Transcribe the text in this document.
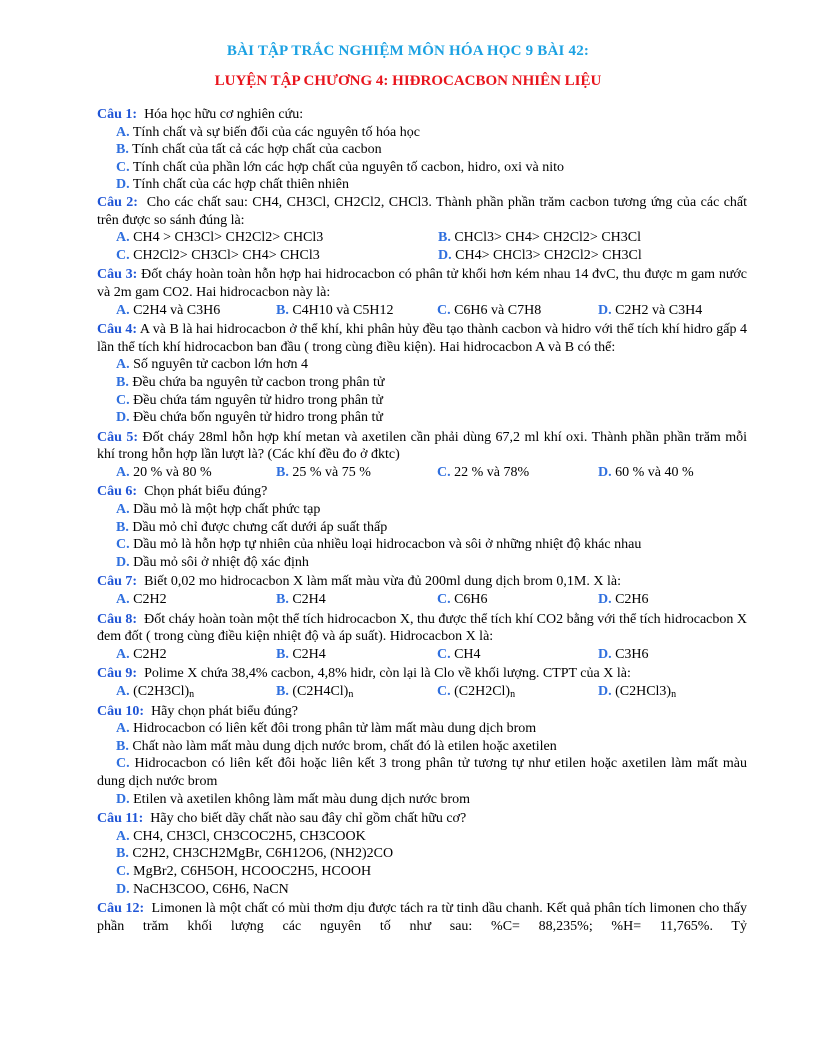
BÀI TẬP TRẮC NGHIỆM MÔN HÓA HỌC 9 BÀI 42:
LUYỆN TẬP CHƯƠNG 4: HIĐROCACBON NHIÊN LIỆU

Câu 1: Hóa học hữu cơ nghiên cứu:

A. Tính chất và sự biến đổi của các nguyên tố hóa học

B. Tính chất của tất cả các hợp chất của cacbon

C. Tính chất của phần lớn các hợp chất của nguyên tố cacbon, hidro, oxi và nito

D. Tính chất của các hợp chất thiên nhiên

Câu 2: Cho các chất sau: CH4, CH3Cl, CH2Cl2, CHCl3. Thành phần phần trăm cacbon tương ứng của các chất trên được so sánh đúng là:

A. CH4 > CH3Cl> CH2Cl2> CHCl3	B. CHCl3> CH4> CH2Cl2> CH3Cl
C. CH2Cl2> CH3Cl> CH4> CHCl3	D. CH4> CHCl3> CH2Cl2> CH3Cl

Câu 3: Đốt cháy hoàn toàn hỗn hợp hai hidrocacbon có phân tử khối hơn kém nhau 14 đvC, thu được m gam nước và 2m gam CO2. Hai hidrocacbon này là:

A. C2H4 và C3H6	B. C4H10 và C5H12	C. C6H6 và C7H8	D. C2H2 và C3H4

Câu 4: A và B là hai hidrocacbon ở thể khí, khi phân hủy đều tạo thành cacbon và hidro với thể tích khí hidro gấp 4 lần thể tích khí hidrocacbon ban đầu ( trong cùng điều kiện). Hai hidrocacbon A và B có thể:

A. Số nguyên tử cacbon lớn hơn 4

B. Đều chứa ba nguyên tử cacbon trong phân tử

C. Đều chứa tám nguyên tử hidro trong phân tử

D. Đều chứa bốn nguyên tử hidro trong phân tử

Câu 5: Đốt cháy 28ml hỗn hợp khí metan và axetilen cần phải dùng 67,2 ml khí oxi. Thành phần phần trăm mỗi khí trong hỗn hợp lần lượt là? (Các khí đều đo ở đktc)

A. 20 % và 80 %	B. 25 % và 75 %	C. 22 % và 78%	D. 60 % và 40 %

Câu 6: Chọn phát biểu đúng?

A. Dầu mỏ là một hợp chất phức tạp

B. Dầu mỏ chỉ được chưng cất dưới áp suất thấp

C. Dầu mỏ là hỗn hợp tự nhiên của nhiều loại hidrocacbon và sôi ở những nhiệt độ khác nhau

D. Dầu mỏ sôi ở nhiệt độ xác định

Câu 7: Biết 0,02 mo hidrocacbon X làm mất màu vừa đủ 200ml dung dịch brom 0,1M. X là:

A. C2H2	B. C2H4	C. C6H6	D. C2H6

Câu 8: Đốt cháy hoàn toàn một thể tích hidrocacbon X, thu được thể tích khí CO2 bằng với thể tích hidrocacbon X đem đốt ( trong cùng điều kiện nhiệt độ và áp suất). Hidrocacbon X là:

A. C2H2	B. C2H4	C. CH4	D. C3H6

Câu 9: Polime X chứa 38,4% cacbon, 4,8% hidr, còn lại là Clo về khối lượng. CTPT của X là:

A. $(C2H3Cl)_n$	B. $(C2H4Cl)_n$	C. $(C2H2Cl)_n$	D. $(C2HCl3)_n$

Câu 10: Hãy chọn phát biểu đúng?

A. Hidrocacbon có liên kết đôi trong phân tử làm mất màu dung dịch brom

B. Chất nào làm mất màu dung dịch nước brom, chất đó là etilen hoặc axetilen

C. Hidrocacbon có liên kết đôi hoặc liên kết 3 trong phân tử tương tự như etilen hoặc axetilen làm mất màu dung dịch nước brom

D. Etilen và axetilen không làm mất màu dung dịch nước brom

Câu 11: Hãy cho biết dãy chất nào sau đây chỉ gồm chất hữu cơ?

A. CH4, CH3Cl, CH3COC2H5, CH3COOK

B. C2H2, CH3CH2MgBr, C6H12O6, (NH2)2CO

C. MgBr2, C6H5OH, HCOOC2H5, HCOOH

D. NaCH3COO, C6H6, NaCN

Câu 12: Limonen là một chất có mùi thơm dịu được tách ra từ tinh dầu chanh. Kết quả phân tích limonen cho thấy phần trăm khối lượng các nguyên tố như sau: %C= 88,235%; %H= 11,765%. Tỷ
